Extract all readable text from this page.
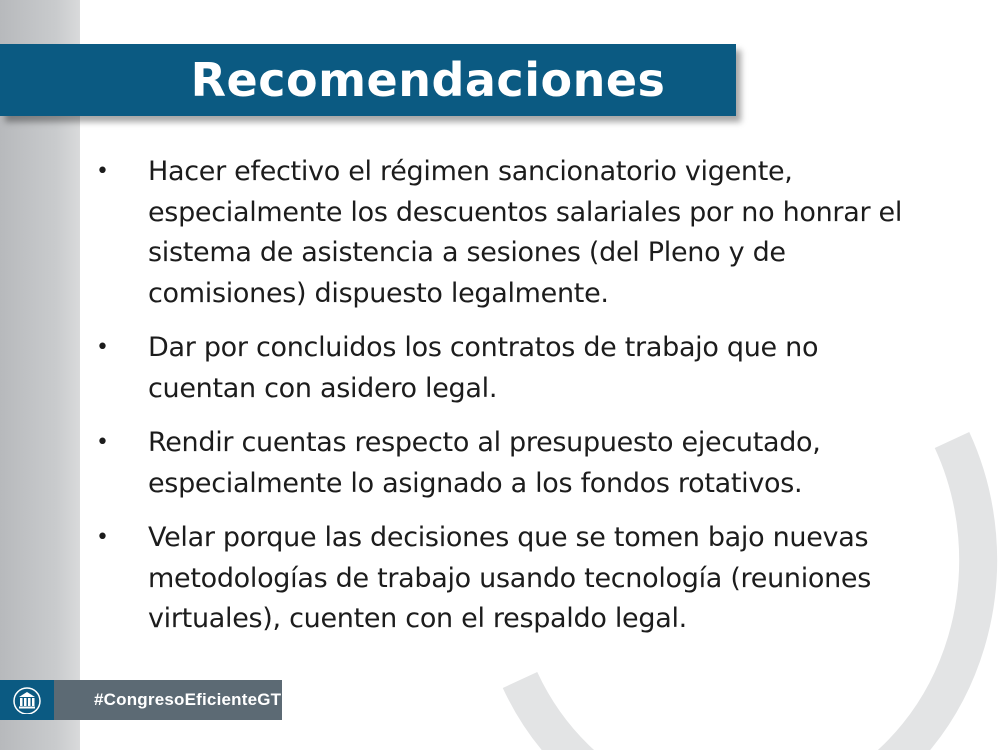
Recomendaciones
• Hacer efectivo el régimen sancionatorio vigente, especialmente los descuentos salariales por no honrar el sistema de asistencia a sesiones (del Pleno y de comisiones) dispuesto legalmente.
• Dar por concluidos los contratos de trabajo que no cuentan con asidero legal.
• Rendir cuentas respecto al presupuesto ejecutado, especialmente lo asignado a los fondos rotativos.
• Velar porque las decisiones que se tomen bajo nuevas metodologías de trabajo usando tecnología (reuniones virtuales), cuenten con el respaldo legal.
#CongresoEficienteGT
